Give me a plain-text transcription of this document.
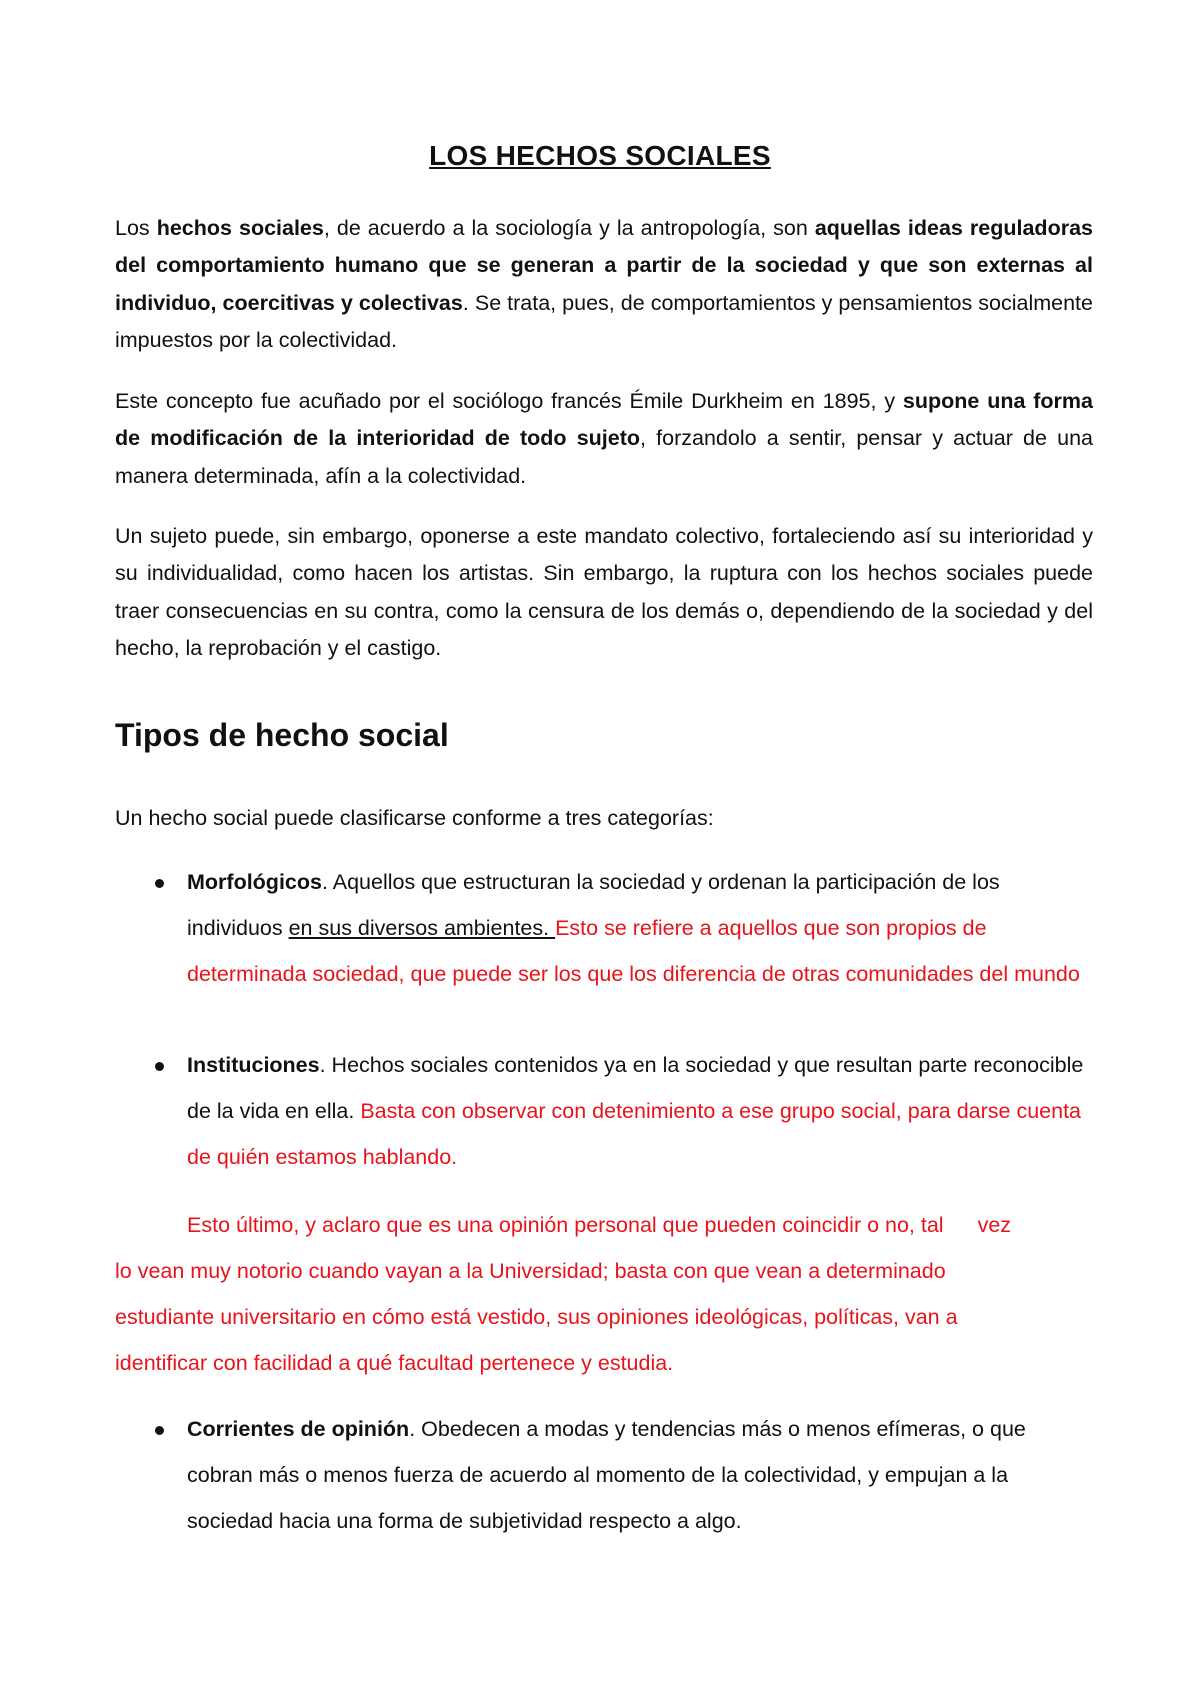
LOS HECHOS SOCIALES

Los hechos sociales, de acuerdo a la sociología y la antropología, son aquellas ideas reguladoras del comportamiento humano que se generan a partir de la sociedad y que son externas al individuo, coercitivas y colectivas. Se trata, pues, de comportamientos y pensamientos socialmente impuestos por la colectividad.

Este concepto fue acuñado por el sociólogo francés Émile Durkheim en 1895, y supone una forma de modificación de la interioridad de todo sujeto, forzandolo a sentir, pensar y actuar de una manera determinada, afín a la colectividad.

Un sujeto puede, sin embargo, oponerse a este mandato colectivo, fortaleciendo así su interioridad y su individualidad, como hacen los artistas. Sin embargo, la ruptura con los hechos sociales puede traer consecuencias en su contra, como la censura de los demás o, dependiendo de la sociedad y del hecho, la reprobación y el castigo.

Tipos de hecho social

Un hecho social puede clasificarse conforme a tres categorías:

Morfológicos. Aquellos que estructuran la sociedad y ordenan la participación de los individuos en sus diversos ambientes. Esto se refiere a aquellos que son propios de determinada sociedad, que puede ser los que los diferencia de otras comunidades del mundo

Instituciones. Hechos sociales contenidos ya en la sociedad y que resultan parte reconocible de la vida en ella. Basta con observar con detenimiento a ese grupo social, para darse cuenta de quién estamos hablando.

Esto último, y aclaro que es una opinión personal que pueden coincidir o no, tal vez
lo vean muy notorio cuando vayan a la Universidad; basta con que vean a determinado
estudiante universitario en cómo está vestido, sus opiniones ideológicas, políticas, van a
identificar con facilidad a qué facultad pertenece y estudia.

Corrientes de opinión. Obedecen a modas y tendencias más o menos efímeras, o que cobran más o menos fuerza de acuerdo al momento de la colectividad, y empujan a la sociedad hacia una forma de subjetividad respecto a algo.
